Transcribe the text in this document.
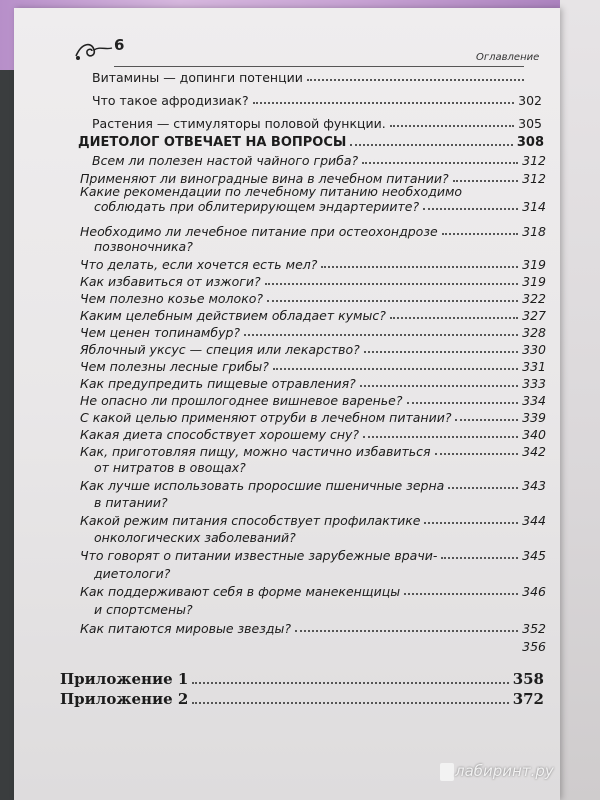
6
Оглавление
Витамины — допинги потенции
Что такое афродизиак?	302
Растения — стимуляторы половой функции.	305
ДИЕТОЛОГ ОТВЕЧАЕТ НА ВОПРОСЫ	308
Всем ли полезен настой чайного гриба?	312
Применяют ли виноградные вина в лечебном питании?	312
Какие рекомендации по лечебному питанию необходимо
соблюдать при облитерирующем эндартериите?	314
Необходимо ли лечебное питание при остеохондрозе	318
позвоночника?
Что делать, если хочется есть мел?	319
Как избавиться от изжоги?	319
Чем полезно козье молоко?	322
Каким целебным действием обладает кумыс?	327
Чем ценен топинамбур?	328
Яблочный уксус — специя или лекарство?	330
Чем полезны лесные грибы?	331
Как предупредить пищевые отравления?	333
Не опасно ли прошлогоднее вишневое варенье?	334
С какой целью применяют отруби в лечебном питании?	339
Какая диета способствует хорошему сну?	340
Как, приготовляя пищу, можно частично избавиться	342
от нитратов в овощах?
Как лучше использовать проросшие пшеничные зерна	343
в питании?
Какой режим питания способствует профилактике	344
онкологических заболеваний?
Что говорят о питании известные зарубежные врачи-	345
диетологи?
Как поддерживают себя в форме манекенщицы	346
и спортсмены?
Как питаются мировые звезды?	352
356
Приложение 1	358
Приложение 2	372
лабиринт.ру
